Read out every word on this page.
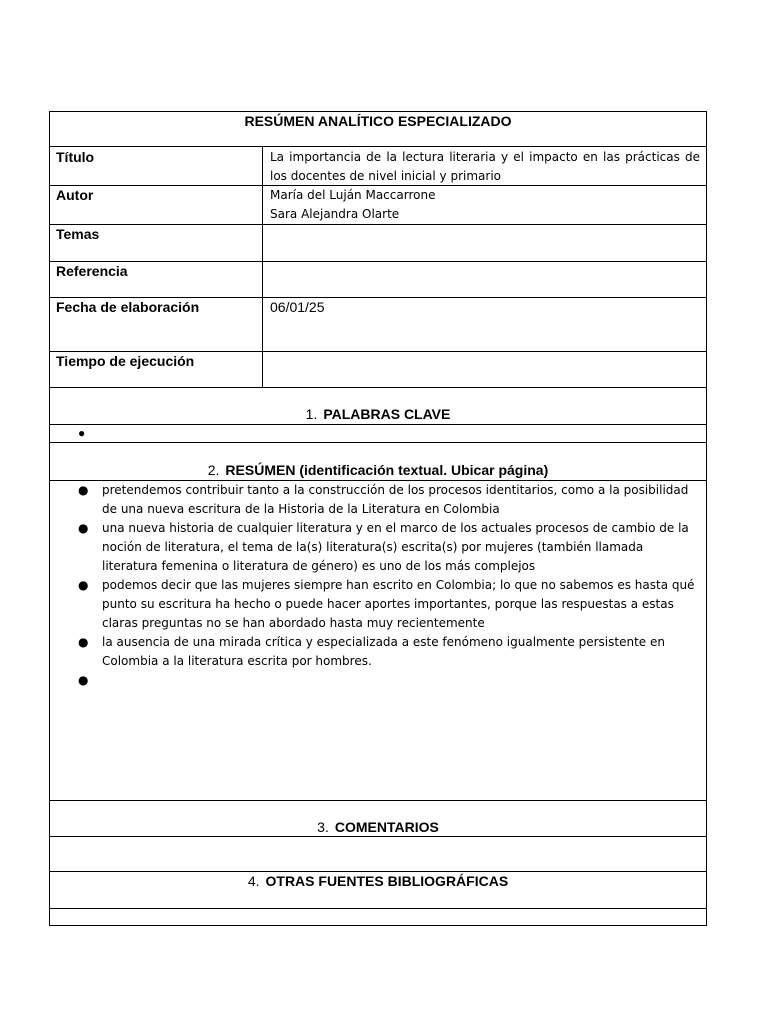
RESÚMEN ANALÍTICO ESPECIALIZADO
Título	La importancia de la lectura literaria y el impacto en las prácticas de los docentes de nivel inicial y primario
Autor	María del Luján Maccarrone
Sara Alejandra Olarte
Temas
Referencia
Fecha de elaboración	06/01/25
Tiempo de ejecución
1. PALABRAS CLAVE
●
2. RESÚMEN (identificación textual. Ubicar página)
● pretendemos contribuir tanto a la construcción de los procesos identitarios, como a la posibilidad de una nueva escritura de la Historia de la Literatura en Colombia
● una nueva historia de cualquier literatura y en el marco de los actuales procesos de cambio de la noción de literatura, el tema de la(s) literatura(s) escrita(s) por mujeres (también llamada literatura femenina o literatura de género) es uno de los más complejos
● podemos decir que las mujeres siempre han escrito en Colombia; lo que no sabemos es hasta qué punto su escritura ha hecho o puede hacer aportes importantes, porque las respuestas a estas claras preguntas no se han abordado hasta muy recientemente
● la ausencia de una mirada crítica y especializada a este fenómeno igualmente persistente en Colombia a la literatura escrita por hombres.
●
3. COMENTARIOS
4. OTRAS FUENTES BIBLIOGRÁFICAS
